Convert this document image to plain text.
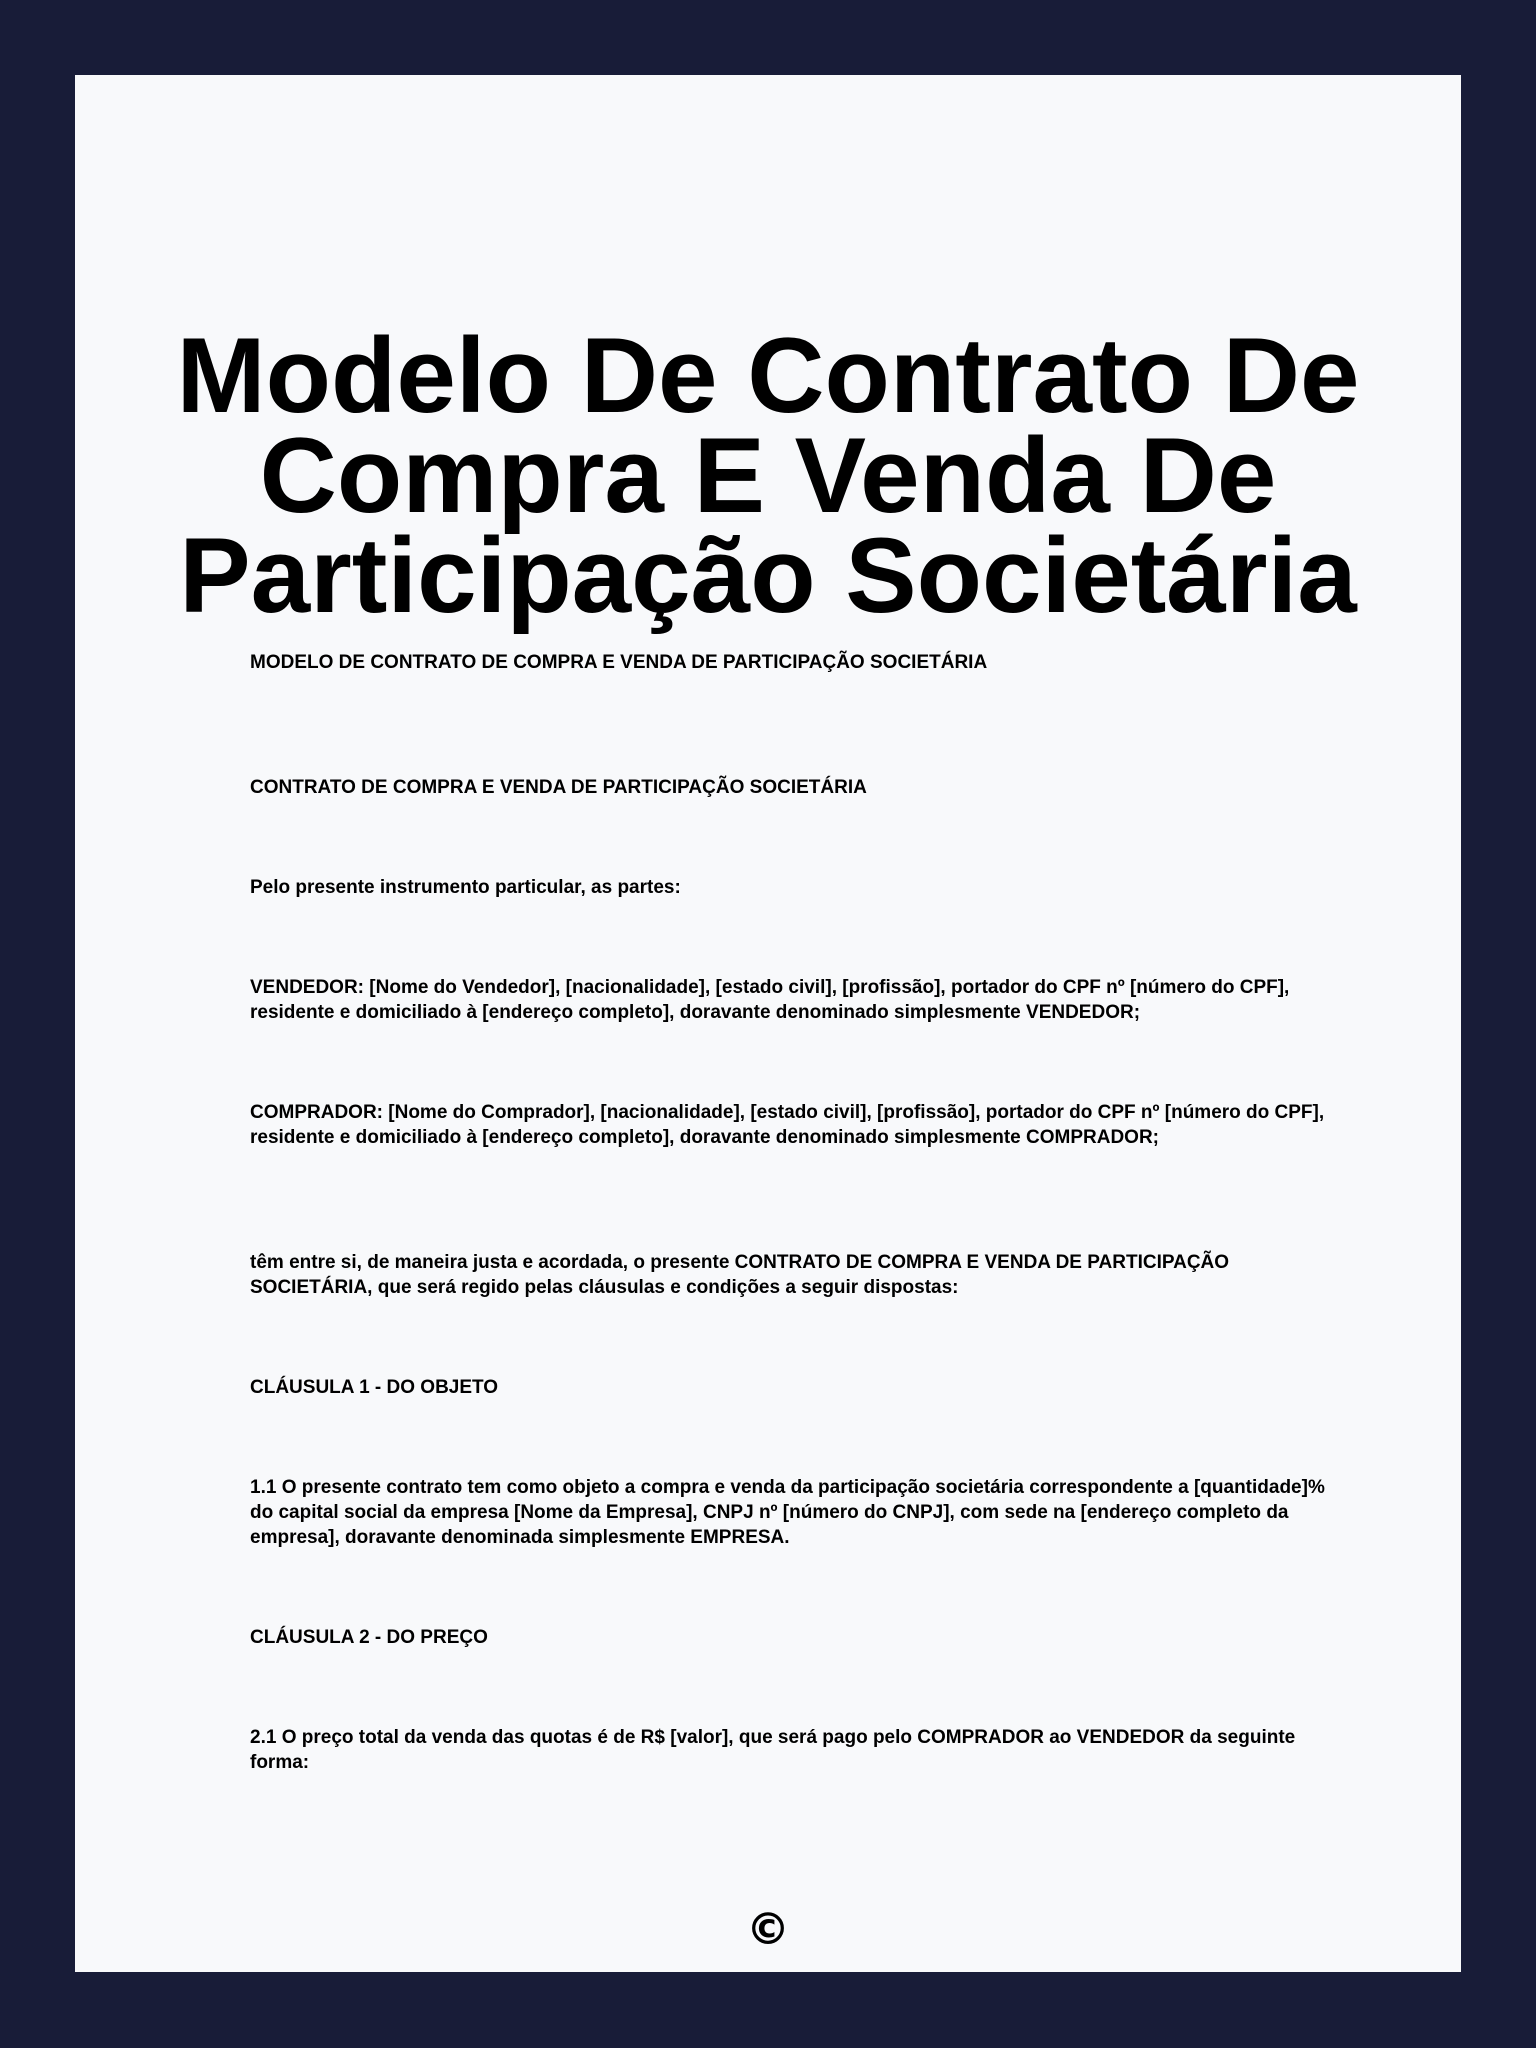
Modelo De Contrato De Compra E Venda De Participação Societária

MODELO DE CONTRATO DE COMPRA E VENDA DE PARTICIPAÇÃO SOCIETÁRIA

CONTRATO DE COMPRA E VENDA DE PARTICIPAÇÃO SOCIETÁRIA

Pelo presente instrumento particular, as partes:

VENDEDOR: [Nome do Vendedor], [nacionalidade], [estado civil], [profissão], portador do CPF nº [número do CPF], residente e domiciliado à [endereço completo], doravante denominado simplesmente VENDEDOR;

COMPRADOR: [Nome do Comprador], [nacionalidade], [estado civil], [profissão], portador do CPF nº [número do CPF], residente e domiciliado à [endereço completo], doravante denominado simplesmente COMPRADOR;

têm entre si, de maneira justa e acordada, o presente CONTRATO DE COMPRA E VENDA DE PARTICIPAÇÃO SOCIETÁRIA, que será regido pelas cláusulas e condições a seguir dispostas:

CLÁUSULA 1 - DO OBJETO

1.1 O presente contrato tem como objeto a compra e venda da participação societária correspondente a [quantidade]% do capital social da empresa [Nome da Empresa], CNPJ nº [número do CNPJ], com sede na [endereço completo da empresa], doravante denominada simplesmente EMPRESA.

CLÁUSULA 2 - DO PREÇO

2.1 O preço total da venda das quotas é de R$ [valor], que será pago pelo COMPRADOR ao VENDEDOR da seguinte forma:

©
